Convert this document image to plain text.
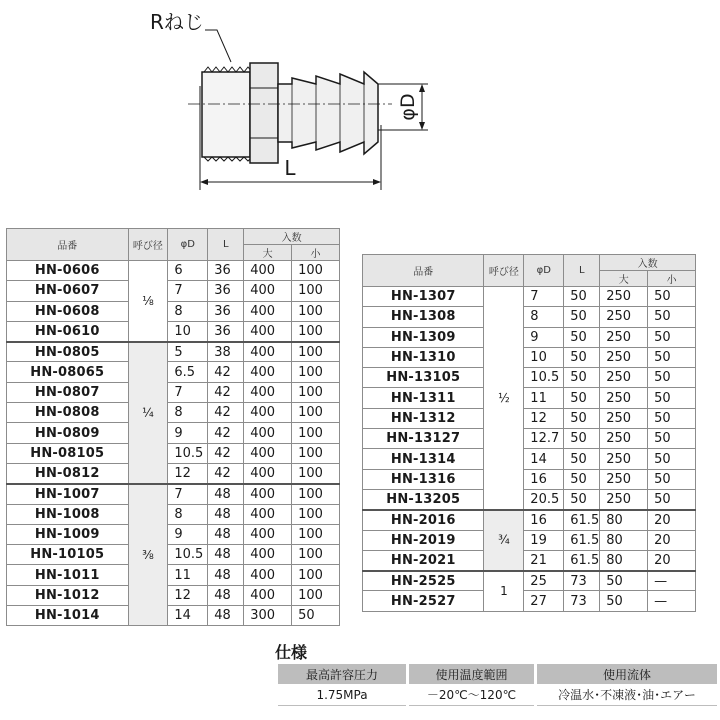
Rねじ
φD
L
品番	呼び径	φD	L	入数	
				大	小
HN-0606	⅛	6	36	400	100
HN-0607		7	36	400	100
HN-0608		8	36	400	100
HN-0610		10	36	400	100
HN-0805	¼	5	38	400	100
HN-08065		6.5	42	400	100
HN-0807		7	42	400	100
HN-0808		8	42	400	100
HN-0809		9	42	400	100
HN-08105		10.5	42	400	100
HN-0812		12	42	400	100
HN-1007	⅜	7	48	400	100
HN-1008		8	48	400	100
HN-1009		9	48	400	100
HN-10105		10.5	48	400	100
HN-1011		11	48	400	100
HN-1012		12	48	400	100
HN-1014		14	48	300	50
品番	呼び径	φD	L	入数	
				大	小
HN-1307	½	7	50	250	50
HN-1308		8	50	250	50
HN-1309		9	50	250	50
HN-1310		10	50	250	50
HN-13105		10.5	50	250	50
HN-1311		11	50	250	50
HN-1312		12	50	250	50
HN-13127		12.7	50	250	50
HN-1314		14	50	250	50
HN-1316		16	50	250	50
HN-13205		20.5	50	250	50
HN-2016	¾	16	61.5	80	20
HN-2019		19	61.5	80	20
HN-2021		21	61.5	80	20
HN-2525	1	25	73	50	—
HN-2527		27	73	50	—
仕様
最高許容圧力	使用温度範囲	使用流体
1.75MPa	－20℃～120℃	冷温水･不凍液･油･エアー
